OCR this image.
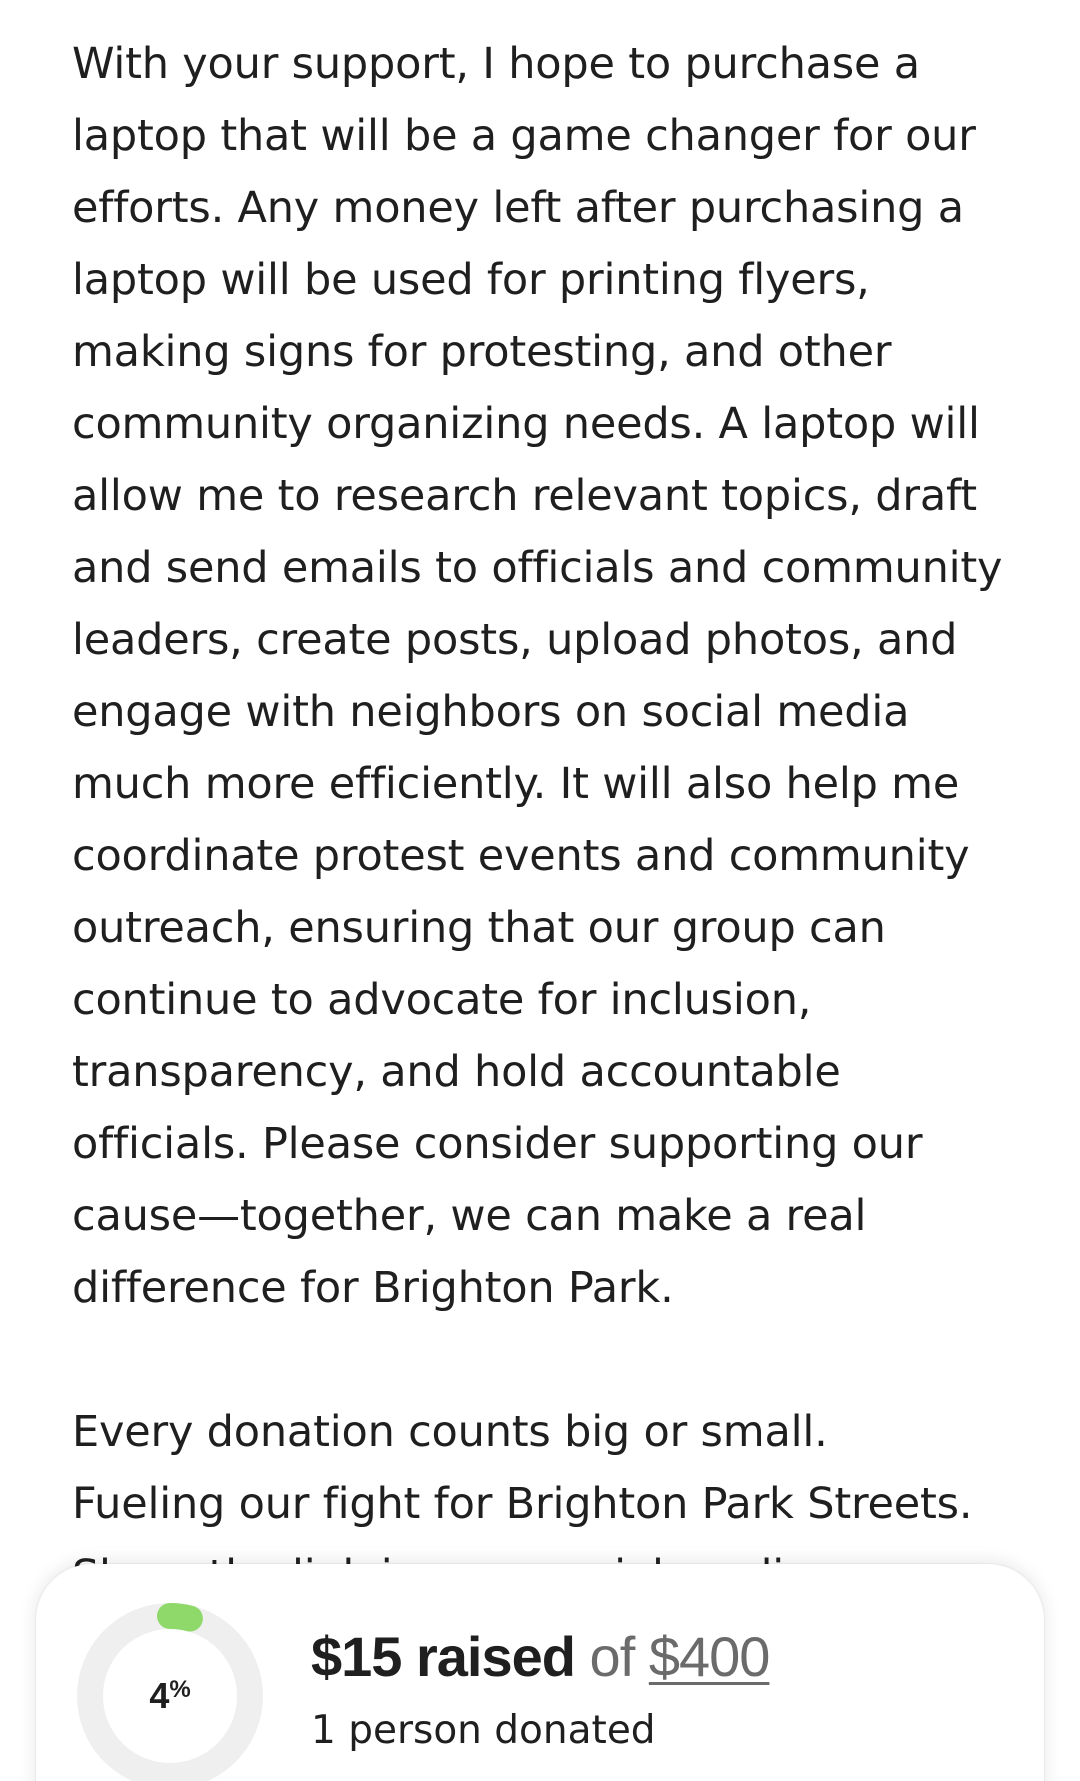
With your support, I hope to purchase a laptop that will be a game changer for our efforts. Any money left after purchasing a laptop will be used for printing flyers, making signs for protesting, and other community organizing needs. A laptop will allow me to research relevant topics, draft and send emails to officials and community leaders, create posts, upload photos, and engage with neighbors on social media much more efficiently. It will also help me coordinate protest events and community outreach, ensuring that our group can continue to advocate for inclusion, transparency, and hold accountable officials. Please consider supporting our cause—together, we can make a real difference for Brighton Park.

Every donation counts big or small.
Fueling our fight for Brighton Park Streets.

4 %
$15 raised of $400
1 person donated
